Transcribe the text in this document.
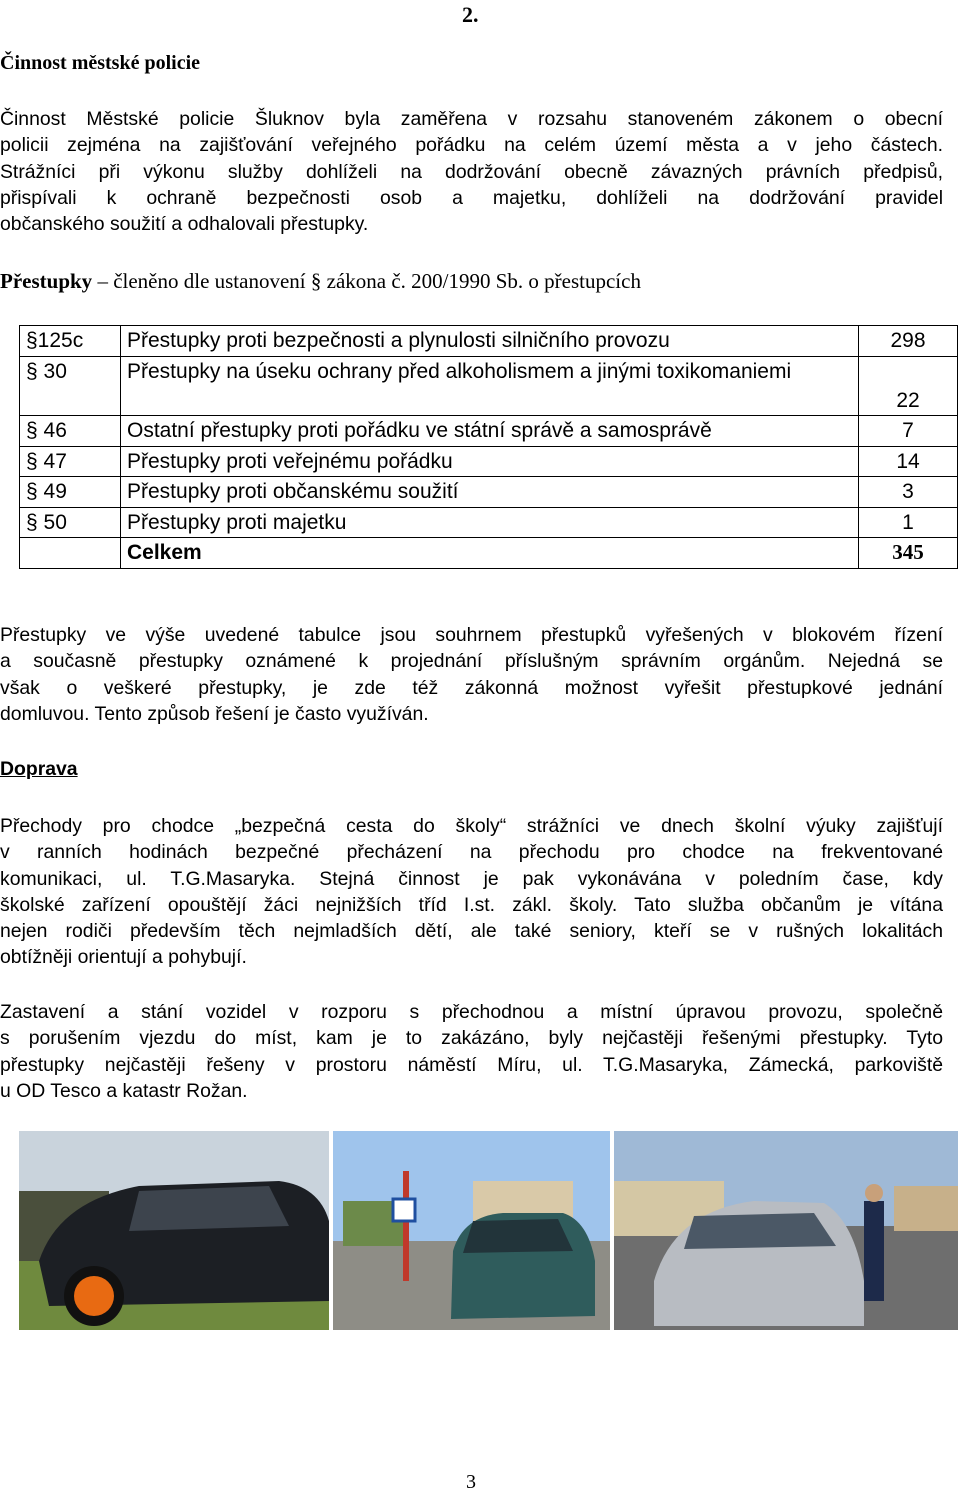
2.
Činnost městské policie
Činnost Městské policie Šluknov byla zaměřena v rozsahu stanoveném zákonem o obecní
policii zejména na zajišťování veřejného pořádku na celém území města a v jeho částech.
Strážníci při výkonu služby dohlíželi na dodržování obecně závazných právních předpisů,
přispívali k ochraně bezpečnosti osob a majetku, dohlíželi na dodržování pravidel
občanského soužití a odhalovali přestupky.
Přestupky – členěno dle ustanovení § zákona č. 200/1990 Sb. o přestupcích
§125c	Přestupky proti bezpečnosti a plynulosti silničního provozu	298
§ 30	Přestupky na úseku ochrany před alkoholismem a jinými toxikomaniemi	22
§ 46	Ostatní přestupky proti pořádku ve státní správě a samosprávě	7
§ 47	Přestupky proti veřejnému pořádku	14
§ 49	Přestupky proti občanskému soužití	3
§ 50	Přestupky proti majetku	1
	Celkem	345
Přestupky ve výše uvedené tabulce jsou souhrnem přestupků vyřešených v blokovém řízení
a současně přestupky oznámené k projednání příslušným správním orgánům. Nejedná se
však o veškeré přestupky, je zde též zákonná možnost vyřešit přestupkové jednání
domluvou. Tento způsob řešení je často využíván.
Doprava
Přechody pro chodce „bezpečná cesta do školy“ strážníci ve dnech školní výuky zajišťují
v ranních hodinách bezpečné přecházení na přechodu pro chodce na frekventované
komunikaci, ul. T.G.Masaryka. Stejná činnost je pak vykonávána v poledním čase, kdy
školské zařízení opouštějí žáci nejnižších tříd I.st. zákl. školy. Tato služba občanům je vítána
nejen rodiči především těch nejmladších dětí, ale také seniory, kteří se v rušných lokalitách
obtížněji orientují a pohybují.
Zastavení a stání vozidel v rozporu s přechodnou a místní úpravou provozu, společně
s porušením vjezdu do míst, kam je to zakázáno, byly nejčastěji řešenými přestupky. Tyto
přestupky nejčastěji řešeny v prostoru náměstí Míru, ul. T.G.Masaryka, Zámecká, parkoviště
u OD Tesco a katastr Rožan.
3
